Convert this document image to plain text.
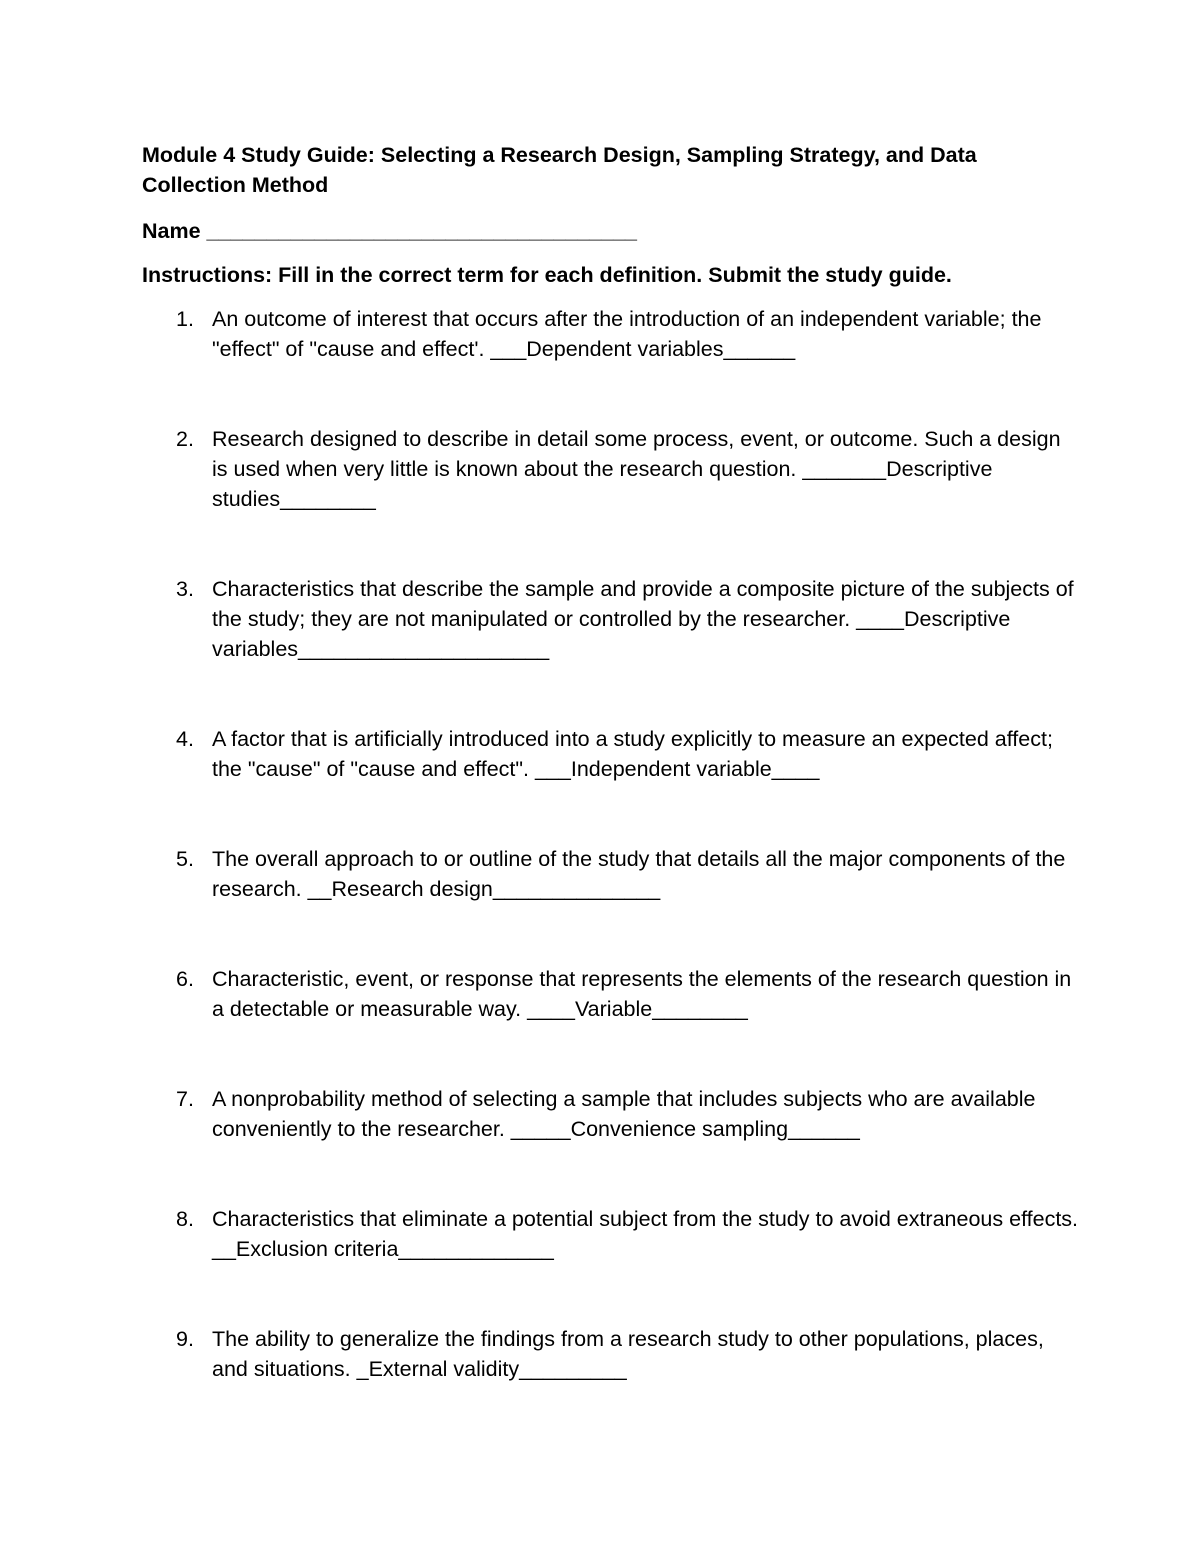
Module 4 Study Guide: Selecting a Research Design, Sampling Strategy, and Data Collection Method

Name ____________________________________
Instructions: Fill in the correct term for each definition. Submit the study guide.
1. An outcome of interest that occurs after the introduction of an independent variable; the "effect" of "cause and effect'. ___Dependent variables______
2. Research designed to describe in detail some process, event, or outcome. Such a design is used when very little is known about the research question. _______Descriptive studies________
3. Characteristics that describe the sample and provide a composite picture of the subjects of the study; they are not manipulated or controlled by the researcher. ____Descriptive variables_____________________
4. A factor that is artificially introduced into a study explicitly to measure an expected affect; the "cause" of "cause and effect". ___Independent variable____
5. The overall approach to or outline of the study that details all the major components of the research. __Research design______________
6. Characteristic, event, or response that represents the elements of the research question in a detectable or measurable way. ____Variable________
7. A nonprobability method of selecting a sample that includes subjects who are available conveniently to the researcher. _____Convenience sampling______
8. Characteristics that eliminate a potential subject from the study to avoid extraneous effects. __Exclusion criteria_____________
9. The ability to generalize the findings from a research study to other populations, places, and situations. _External validity_________
